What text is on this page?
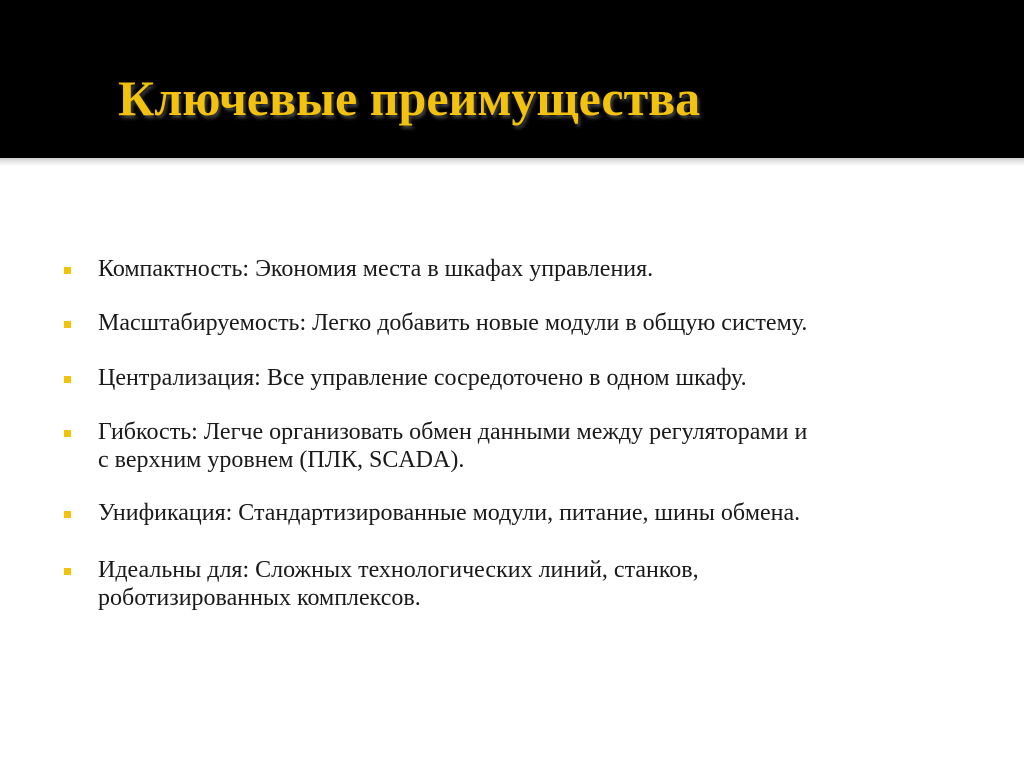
Ключевые преимущества

Компактность: Экономия места в шкафах управления.

Масштабируемость: Легко добавить новые модули в общую систему.

Централизация: Все управление сосредоточено в одном шкафу.

Гибкость: Легче организовать обмен данными между регуляторами и
с верхним уровнем (ПЛК, SCADA).

Унификация: Стандартизированные модули, питание, шины обмена.

Идеальны для: Сложных технологических линий, станков,
роботизированных комплексов.
